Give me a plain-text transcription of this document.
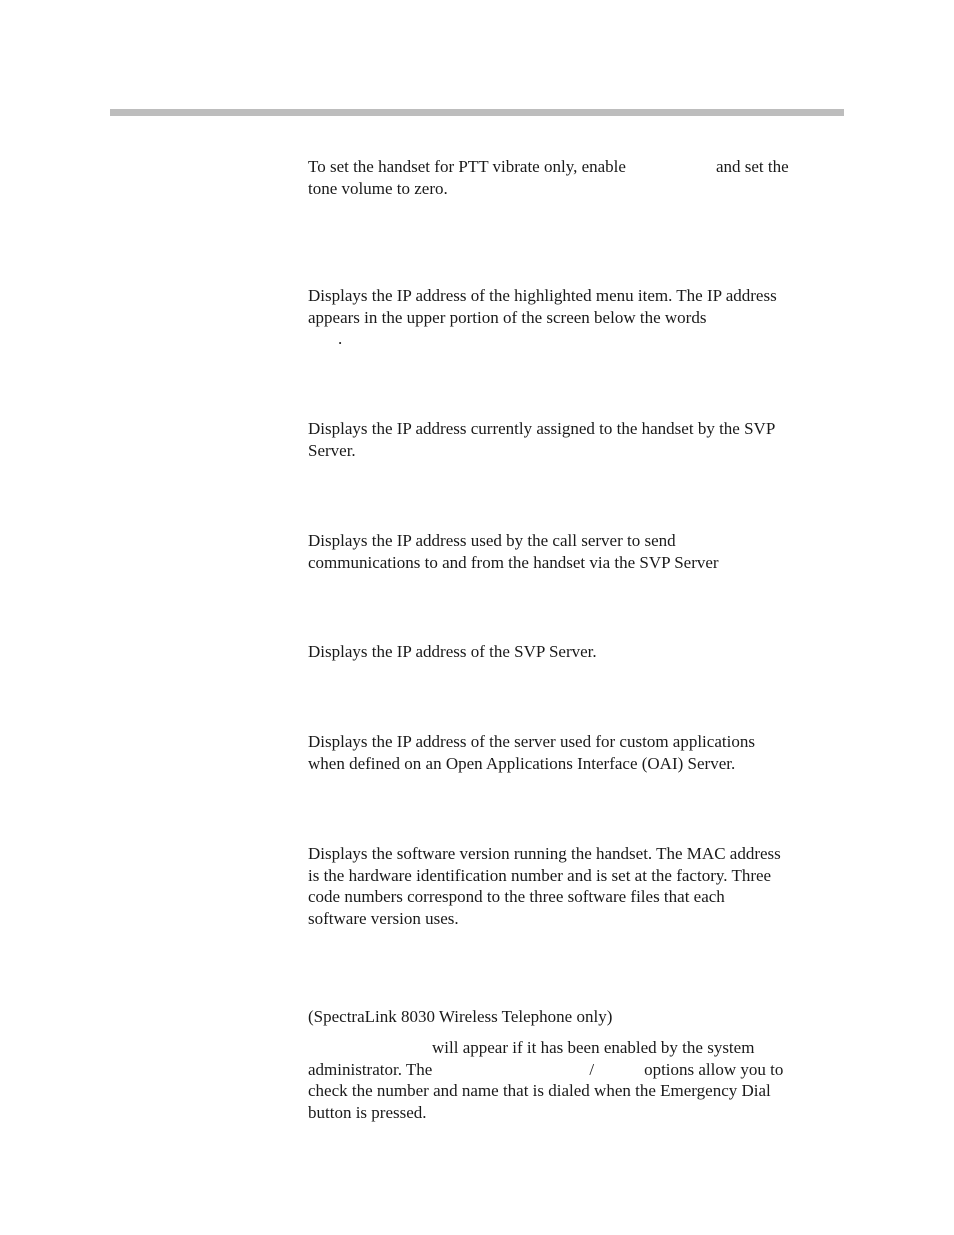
To set the handset for PTT vibrate only, enable	and set the
tone volume to zero.
Displays the IP address of the highlighted menu item. The IP address
appears in the upper portion of the screen below the words
.
Displays the IP address currently assigned to the handset by the SVP
Server.
Displays the IP address used by the call server to send
communications to and from the handset via the SVP Server
Displays the IP address of the SVP Server.
Displays the IP address of the server used for custom applications
when defined on an Open Applications Interface (OAI) Server.
Displays the software version running the handset. The MAC address
is the hardware identification number and is set at the factory. Three
code numbers correspond to the three software files that each
software version uses.
(SpectraLink 8030 Wireless Telephone only)
will appear if it has been enabled by the system
administrator. The	/	options allow you to
check the number and name that is dialed when the Emergency Dial
button is pressed.
